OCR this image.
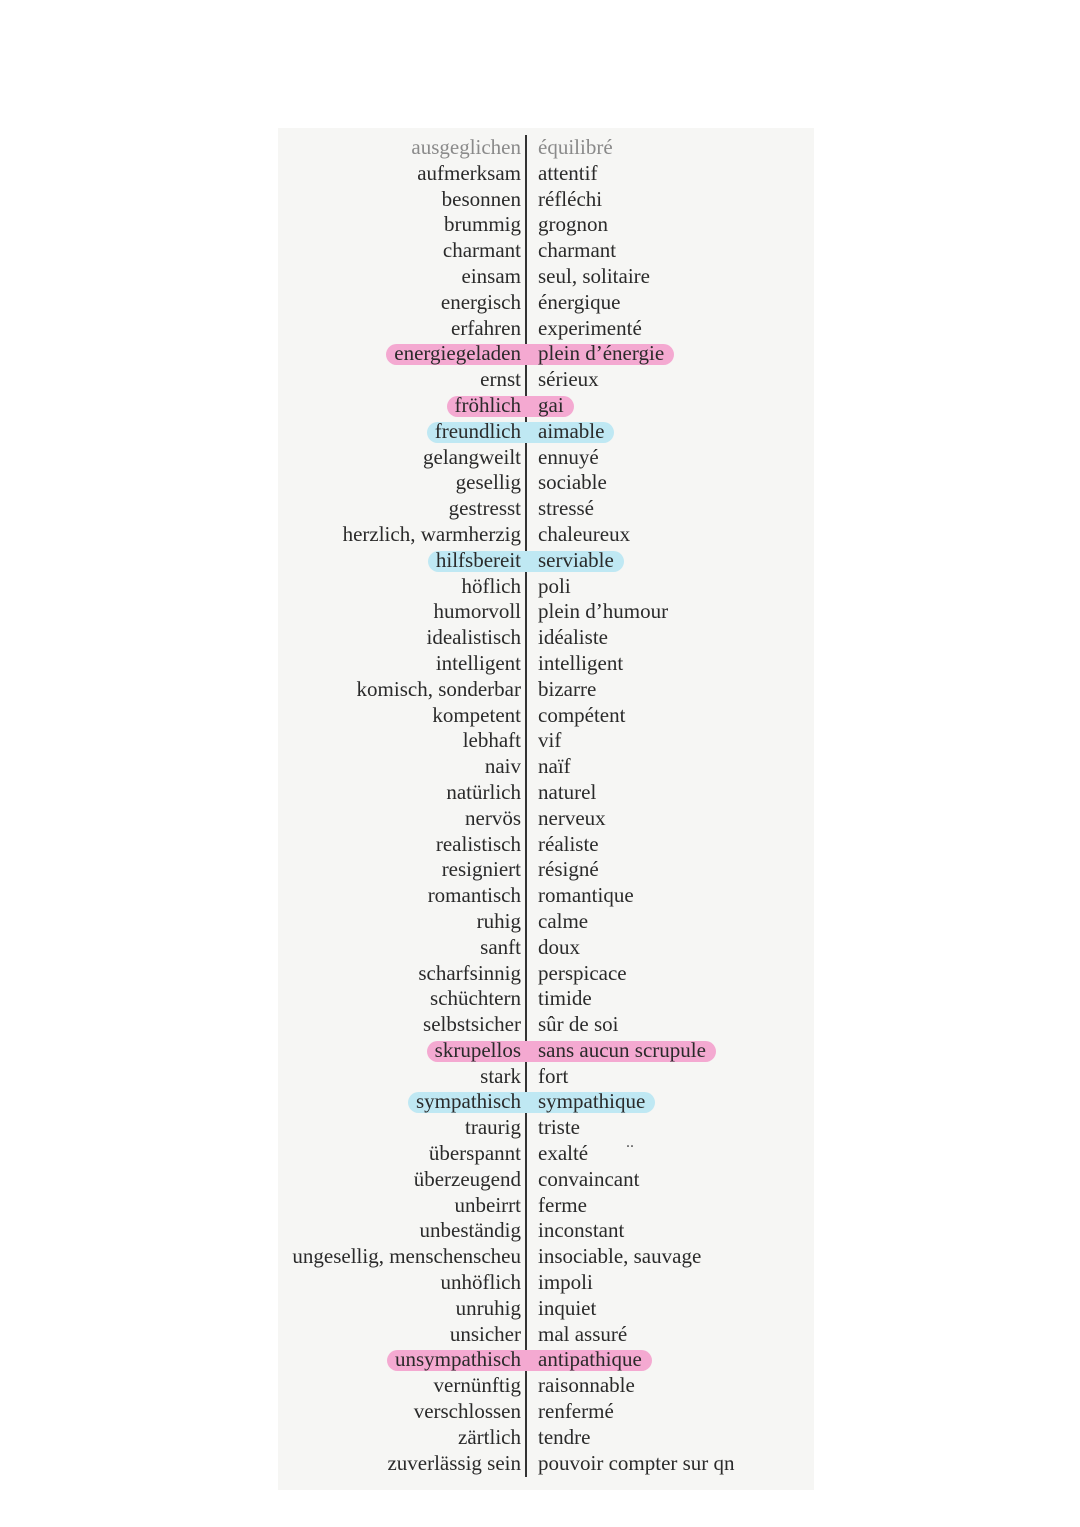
ausgeglichen équilibré
aufmerksam attentif
besonnen réfléchi
brummig grognon
charmant charmant
einsam seul, solitaire
energisch énergique
erfahren experimenté
energiegeladen plein d’énergie
ernst sérieux
fröhlich gai
freundlich aimable
gelangweilt ennuyé
gesellig sociable
gestresst stressé
herzlich, warmherzig chaleureux
hilfsbereit serviable
höflich poli
humorvoll plein d’humour
idealistisch idéaliste
intelligent intelligent
komisch, sonderbar bizarre
kompetent compétent
lebhaft vif
naiv naïf
natürlich naturel
nervös nerveux
realistisch réaliste
resigniert résigné
romantisch romantique
ruhig calme
sanft doux
scharfsinnig perspicace
schüchtern timide
selbstsicher sûr de soi
skrupellos sans aucun scrupule
stark fort
sympathisch sympathique
traurig triste
überspannt exalté
überzeugend convaincant
unbeirrt ferme
unbeständig inconstant
ungesellig, menschenscheu insociable, sauvage
unhöflich impoli
unruhig inquiet
unsicher mal assuré
unsympathisch antipathique
vernünftig raisonnable
verschlossen renfermé
zärtlich tendre
zuverlässig sein pouvoir compter sur qn
..
